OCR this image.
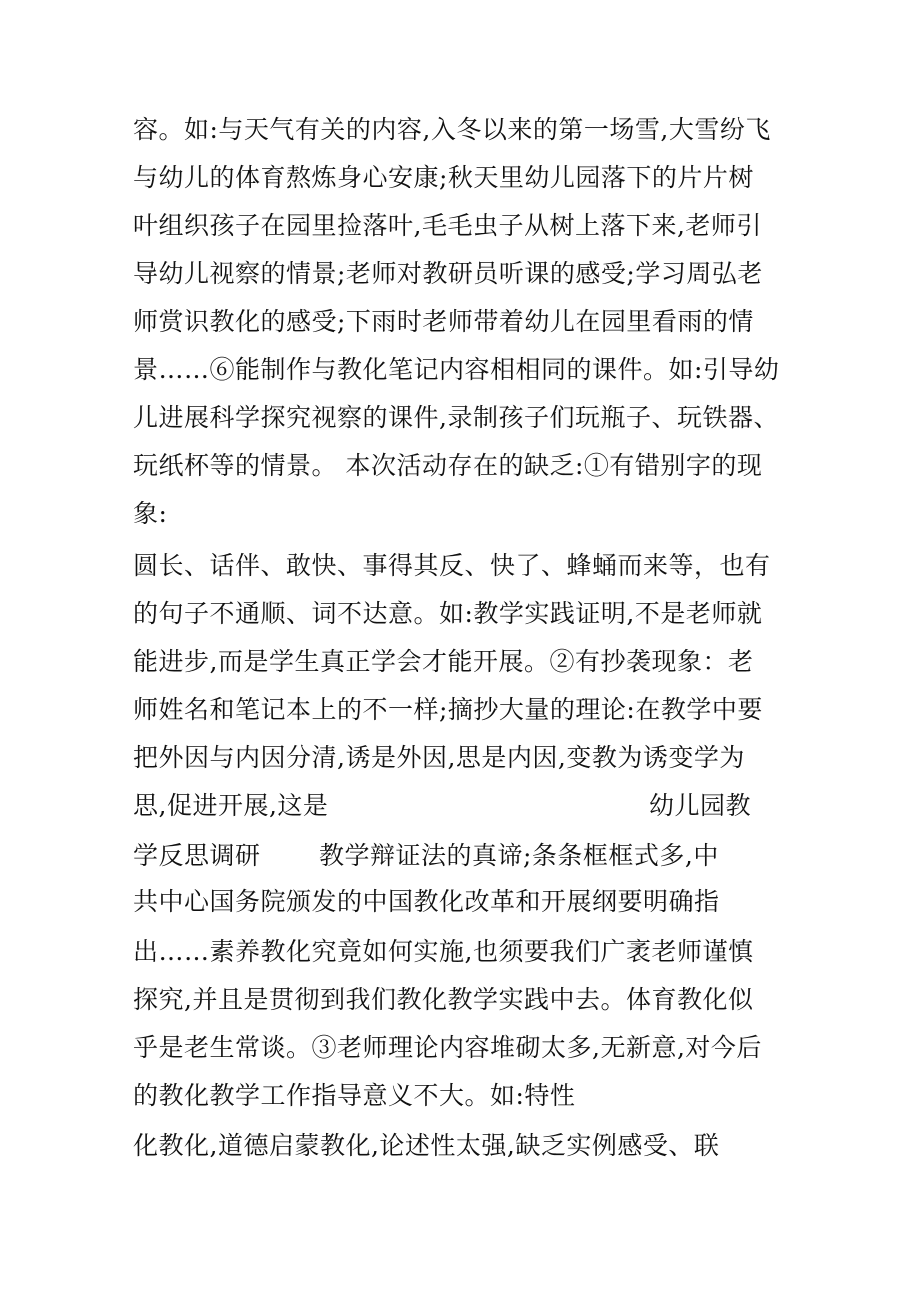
容。如:与天气有关的内容,入冬以来的第一场雪,大雪纷飞
与幼儿的体育熬炼身心安康;秋天里幼儿园落下的片片树
叶组织孩子在园里捡落叶,毛毛虫子从树上落下来,老师引
导幼儿视察的情景;老师对教研员听课的感受;学习周弘老
师赏识教化的感受;下雨时老师带着幼儿在园里看雨的情
景……⑥能制作与教化笔记内容相相同的课件。如:引导幼
儿进展科学探究视察的课件,录制孩子们玩瓶子、玩铁器、
玩纸杯等的情景。 本次活动存在的缺乏:①有错别字的现
象:
圆长、话伴、敢快、事得其反、快了、蜂蛹而来等，也有
的句子不通顺、词不达意。如:教学实践证明,不是老师就
能进步,而是学生真正学会才能开展。②有抄袭现象：老
师姓名和笔记本上的不一样;摘抄大量的理论:在教学中要
把外因与内因分清,诱是外因,思是内因,变教为诱变学为
思,促进开展,这是	幼儿园教
学反思调研 教学辩证法的真谛;条条框框式多,中
共中心国务院颁发的中国教化改革和开展纲要明确指
出……素养教化究竟如何实施,也须要我们广袤老师谨慎
探究,并且是贯彻到我们教化教学实践中去。体育教化似
乎是老生常谈。③老师理论内容堆砌太多,无新意,对今后
的教化教学工作指导意义不大。如:特性
化教化,道德启蒙教化,论述性太强,缺乏实例感受、联
